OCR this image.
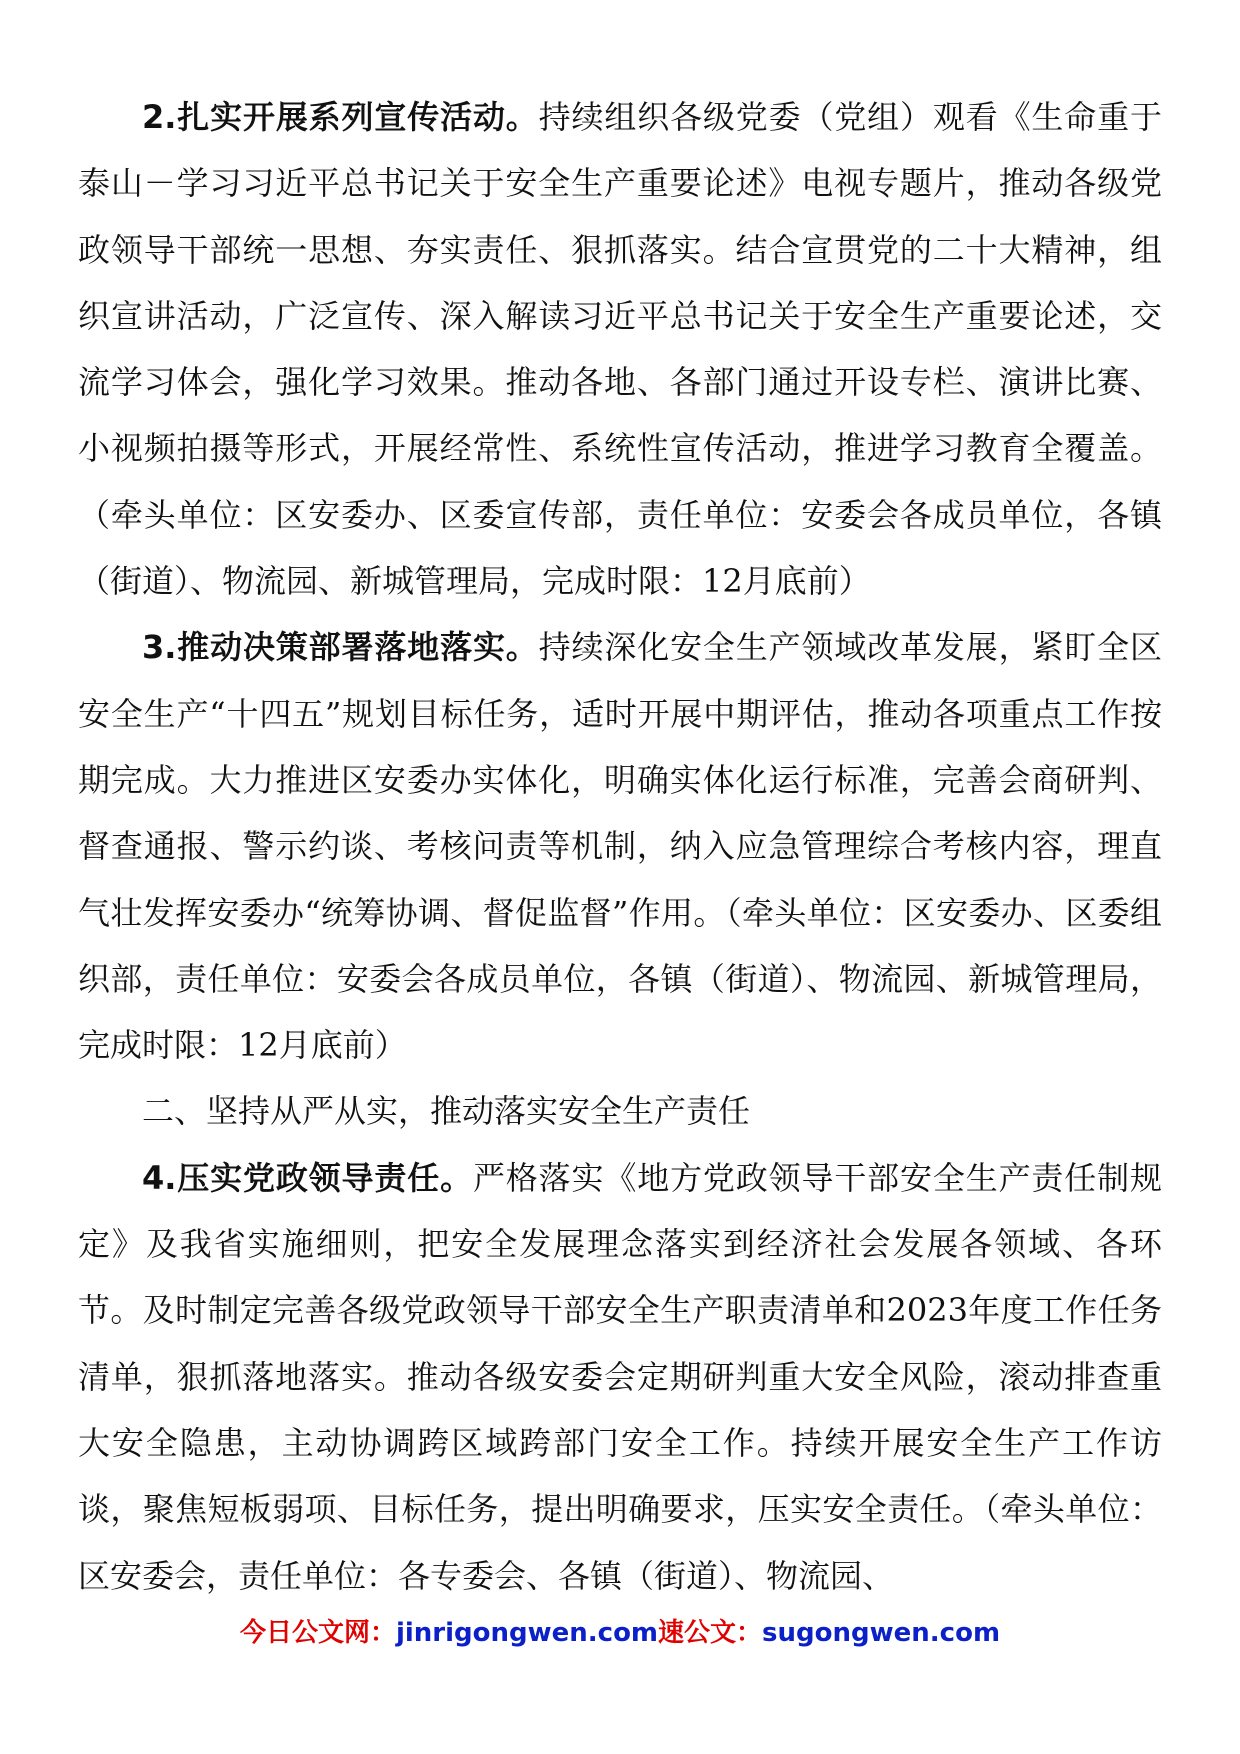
2.扎实开展系列宣传活动。持续组织各级党委（党组）观看《生命重于泰山－学习习近平总书记关于安全生产重要论述》电视专题片，推动各级党政领导干部统一思想、夯实责任、狠抓落实。结合宣贯党的二十大精神，组织宣讲活动，广泛宣传、深入解读习近平总书记关于安全生产重要论述，交流学习体会，强化学习效果。推动各地、各部门通过开设专栏、演讲比赛、小视频拍摄等形式，开展经常性、系统性宣传活动，推进学习教育全覆盖。（牵头单位：区安委办、区委宣传部，责任单位：安委会各成员单位，各镇（街道）、物流园、新城管理局，完成时限：12月底前）

3.推动决策部署落地落实。持续深化安全生产领域改革发展，紧盯全区安全生产“十四五”规划目标任务，适时开展中期评估，推动各项重点工作按期完成。大力推进区安委办实体化，明确实体化运行标准，完善会商研判、督查通报、警示约谈、考核问责等机制，纳入应急管理综合考核内容，理直气壮发挥安委办“统筹协调、督促监督”作用。（牵头单位：区安委办、区委组织部，责任单位：安委会各成员单位，各镇（街道）、物流园、新城管理局，完成时限：12月底前）

二、坚持从严从实，推动落实安全生产责任

4.压实党政领导责任。严格落实《地方党政领导干部安全生产责任制规定》及我省实施细则，把安全发展理念落实到经济社会发展各领域、各环节。及时制定完善各级党政领导干部安全生产职责清单和2023年度工作任务清单，狠抓落地落实。推动各级安委会定期研判重大安全风险，滚动排查重大安全隐患，主动协调跨区域跨部门安全工作。持续开展安全生产工作访谈，聚焦短板弱项、目标任务，提出明确要求，压实安全责任。（牵头单位：区安委会，责任单位：各专委会、各镇（街道）、物流园、

今日公文网：jinrigongwen.com速公文：sugongwen.com
